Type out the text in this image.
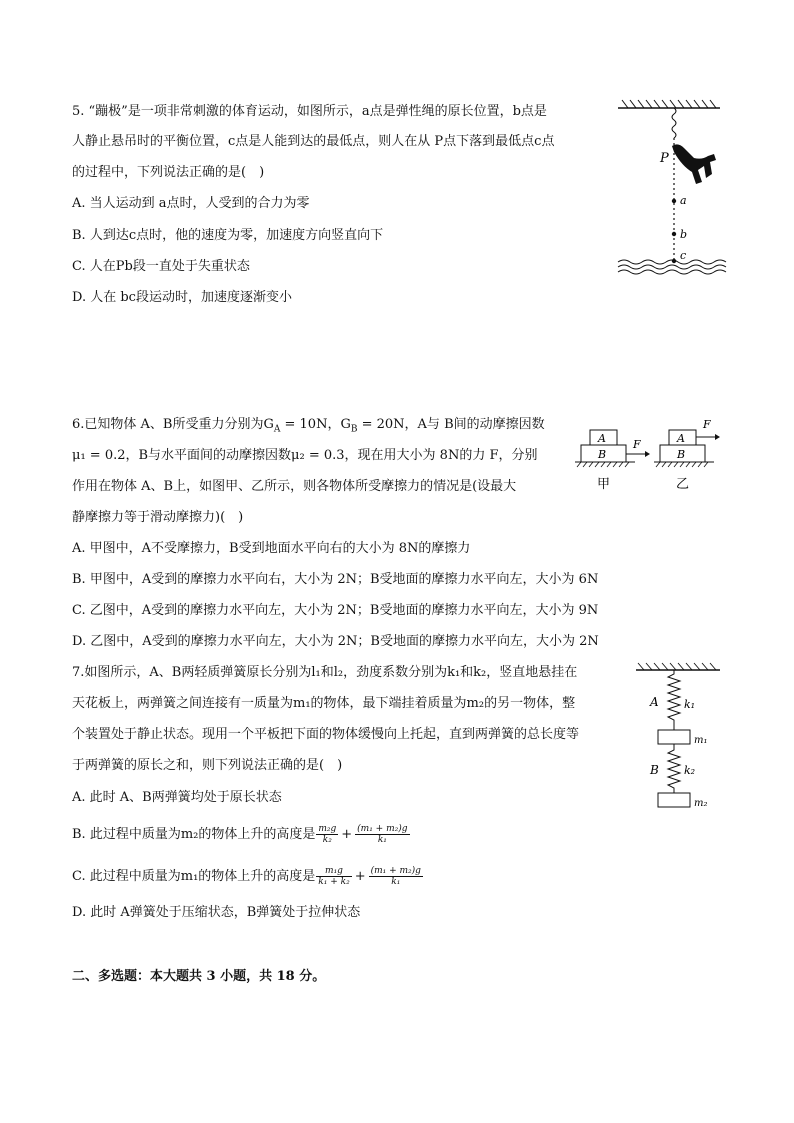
5. “蹦极”是一项非常刺激的体育运动，如图所示，a点是弹性绳的原长位置，b点是
人静止悬吊时的平衡位置，c点是人能到达的最低点，则人在从 P点下落到最低点c点
的过程中，下列说法正确的是(　)
A. 当人运动到 a点时，人受到的合力为零
B. 人到达c点时，他的速度为零，加速度方向竖直向下
C. 人在Pb段一直处于失重状态
D. 人在 bc段运动时，加速度逐渐变小
P
a
b
c
6.已知物体 A、B所受重力分别为$G_A = 10N$，$G_B = 20N$，A与 B间的动摩擦因数
μ₁ = 0.2，B与水平面间的动摩擦因数μ₂ = 0.3，现在用大小为 8N的力 F，分别
作用在物体 A、B上，如图甲、乙所示，则各物体所受摩擦力的情况是(设最大
静摩擦力等于滑动摩擦力)(　)
A. 甲图中，A不受摩擦力，B受到地面水平向右的大小为 8N的摩擦力
B. 甲图中，A受到的摩擦力水平向右，大小为 2N；B受地面的摩擦力水平向左，大小为 6N
C. 乙图中，A受到的摩擦力水平向左，大小为 2N；B受地面的摩擦力水平向左，大小为 9N
D. 乙图中，A受到的摩擦力水平向左，大小为 2N；B受地面的摩擦力水平向左，大小为 2N
A
B
F
甲
A
B
F
乙
7.如图所示，A、B两轻质弹簧原长分别为l₁和l₂，劲度系数分别为k₁和k₂，竖直地悬挂在
天花板上，两弹簧之间连接有一质量为m₁的物体，最下端挂着质量为m₂的另一物体，整
个装置处于静止状态。现用一个平板把下面的物体缓慢向上托起，直到两弹簧的总长度等
于两弹簧的原长之和，则下列说法正确的是(　)
A. 此时 A、B两弹簧均处于原长状态
B. 此过程中质量为m₂的物体上升的高度是 $\frac{\text{m₂g}}{\text{k₂}} + \frac{\text{(m₁ + m₂)g}}{\text{k₁}}$
C. 此过程中质量为m₁的物体上升的高度是 $\frac{\text{m₁g}}{\text{k₁ + k₂}} + \frac{\text{(m₁ + m₂)g}}{\text{k₁}}$
D. 此时 A弹簧处于压缩状态，B弹簧处于拉伸状态
A k₁
m₁
B k₂
m₂
二、多选题：本大题共 3 小题，共 18 分。
